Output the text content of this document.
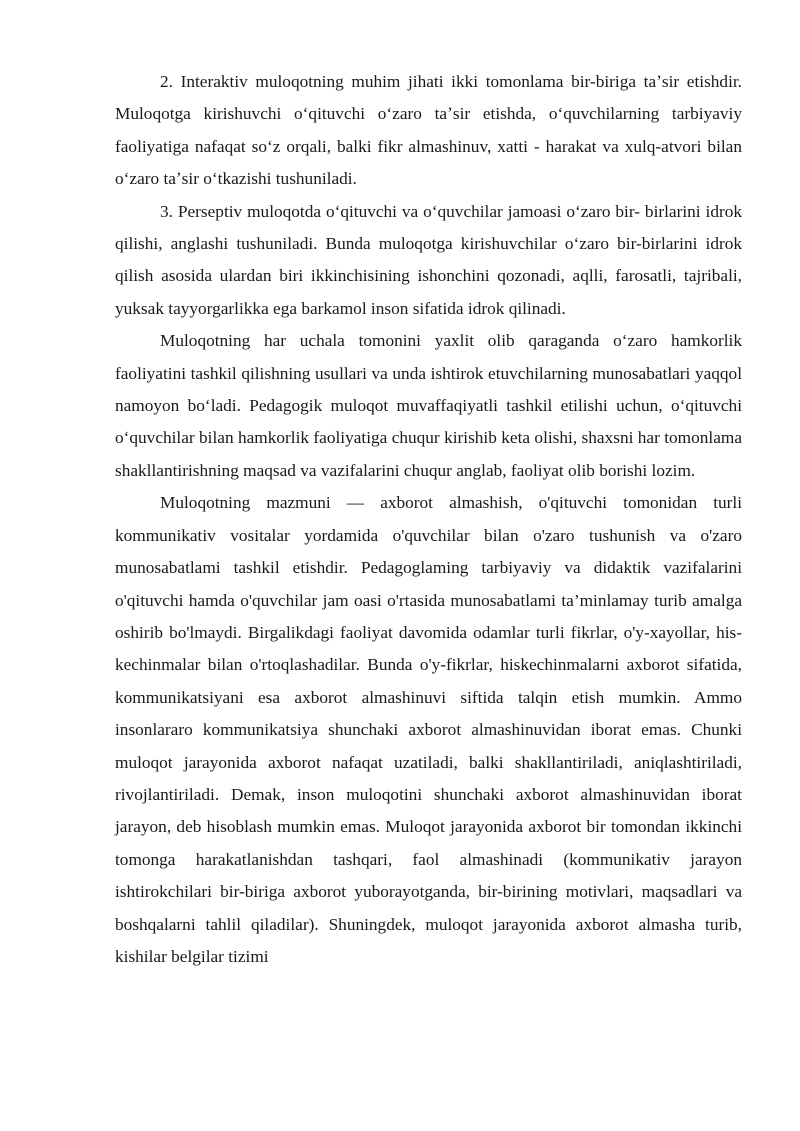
2. Interaktiv muloqotning muhim jihati ikki tomonlama bir-biriga taʼsir etishdir. Muloqotga kirishuvchi oʻqituvchi oʻzaro taʼsir etishda, oʻquvchilarning tarbiyaviy faoliyatiga nafaqat soʻz orqali, balki fikr almashinuv, xatti - harakat va xulq-atvori bilan oʻzaro taʼsir oʻtkazishi tushuniladi.

3. Perseptiv muloqotda oʻqituvchi va oʻquvchilar jamoasi oʻzaro bir- birlarini idrok qilishi, anglashi tushuniladi. Bunda muloqotga kirishuvchilar oʻzaro bir-birlarini idrok qilish asosida ulardan biri ikkinchisining ishonchini qozonadi, aqlli, farosatli, tajribali, yuksak tayyorgarlikka ega barkamol inson sifatida idrok qilinadi.

Muloqotning har uchala tomonini yaxlit olib qaraganda oʻzaro hamkorlik faoliyatini tashkil qilishning usullari va unda ishtirok etuvchilarning munosabatlari yaqqol namoyon boʻladi. Pedagogik muloqot muvaffaqiyatli tashkil etilishi uchun, oʻqituvchi oʻquvchilar bilan hamkorlik faoliyatiga chuqur kirishib keta olishi, shaxsni har tomonlama shakllantirishning maqsad va vazifalarini chuqur anglab, faoliyat olib borishi lozim.

Muloqotning mazmuni — axborot almashish, o'qituvchi tomonidan turli kommunikativ vositalar yordamida o'quvchilar bilan o'zaro tushunish va o'zaro munosabatlami tashkil etishdir. Pedagoglaming tarbiyaviy va didaktik vazifalarini o'qituvchi hamda o'quvchilar jam oasi o'rtasida munosabatlami ta’minlamay turib amalga oshirib bo'lmaydi. Birgalikdagi faoliyat davomida odamlar turli fikrlar, o'y-xayollar, his-kechinmalar bilan o'rtoqlashadilar. Bunda o'y-fikrlar, hiskechinmalarni axborot sifatida, kommunikatsiyani esa axborot almashinuvi siftida talqin etish mumkin. Ammo insonlararo kommunikatsiya shunchaki axborot almashinuvidan iborat emas. Chunki muloqot jarayonida axborot nafaqat uzatiladi, balki shakllantiriladi, aniqlashtiriladi, rivojlantiriladi. Demak, inson muloqotini shunchaki axborot almashinuvidan iborat jarayon, deb hisoblash mumkin emas. Muloqot jarayonida axborot bir tomondan ikkinchi tomonga harakatlanishdan tashqari, faol almashinadi (kommunikativ jarayon ishtirokchilari bir-biriga axborot yuborayotganda, bir-birining motivlari, maqsadlari va boshqalarni tahlil qiladilar). Shuningdek, muloqot jarayonida axborot almasha turib, kishilar belgilar tizimi
